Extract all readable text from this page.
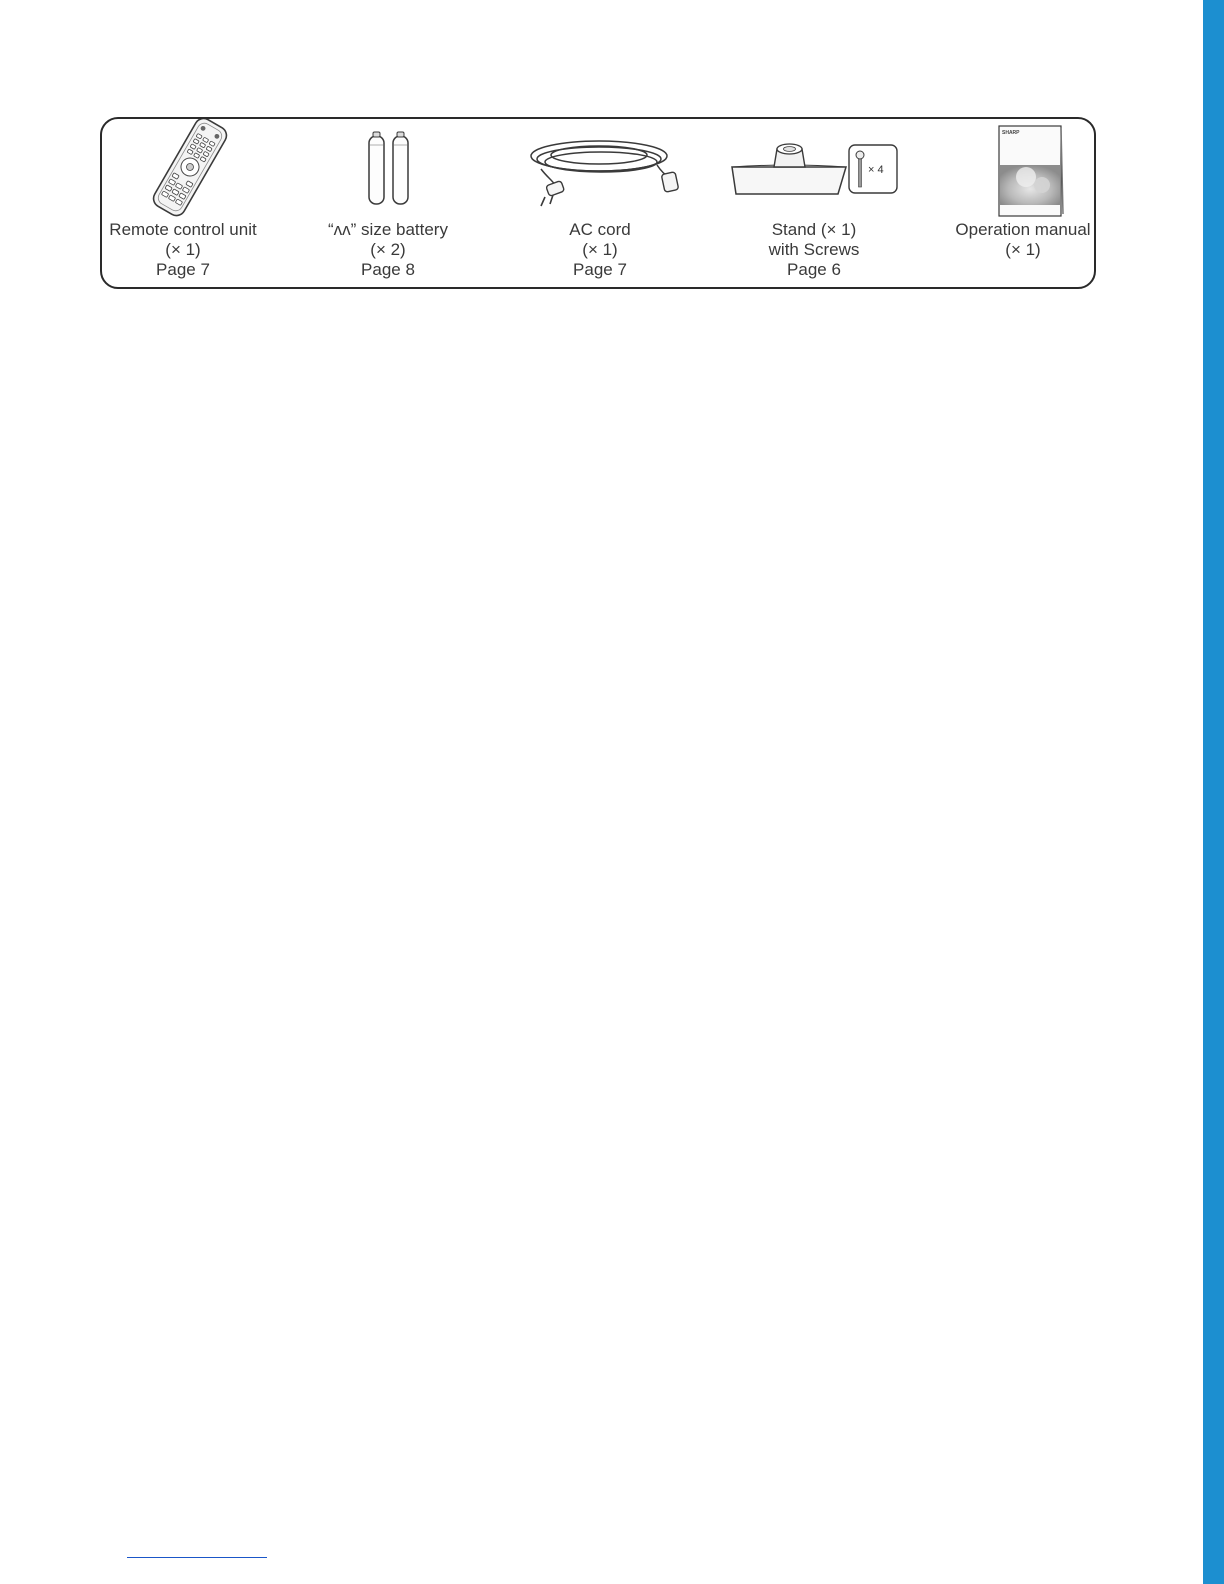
Remote control unit
(× 1)
Page 7
“ʌʌ” size battery
(× 2)
Page 8
AC cord
(× 1)
Page 7
× 4
Stand (× 1)
with Screws
Page 6
SHARP
Operation manual
(× 1)
